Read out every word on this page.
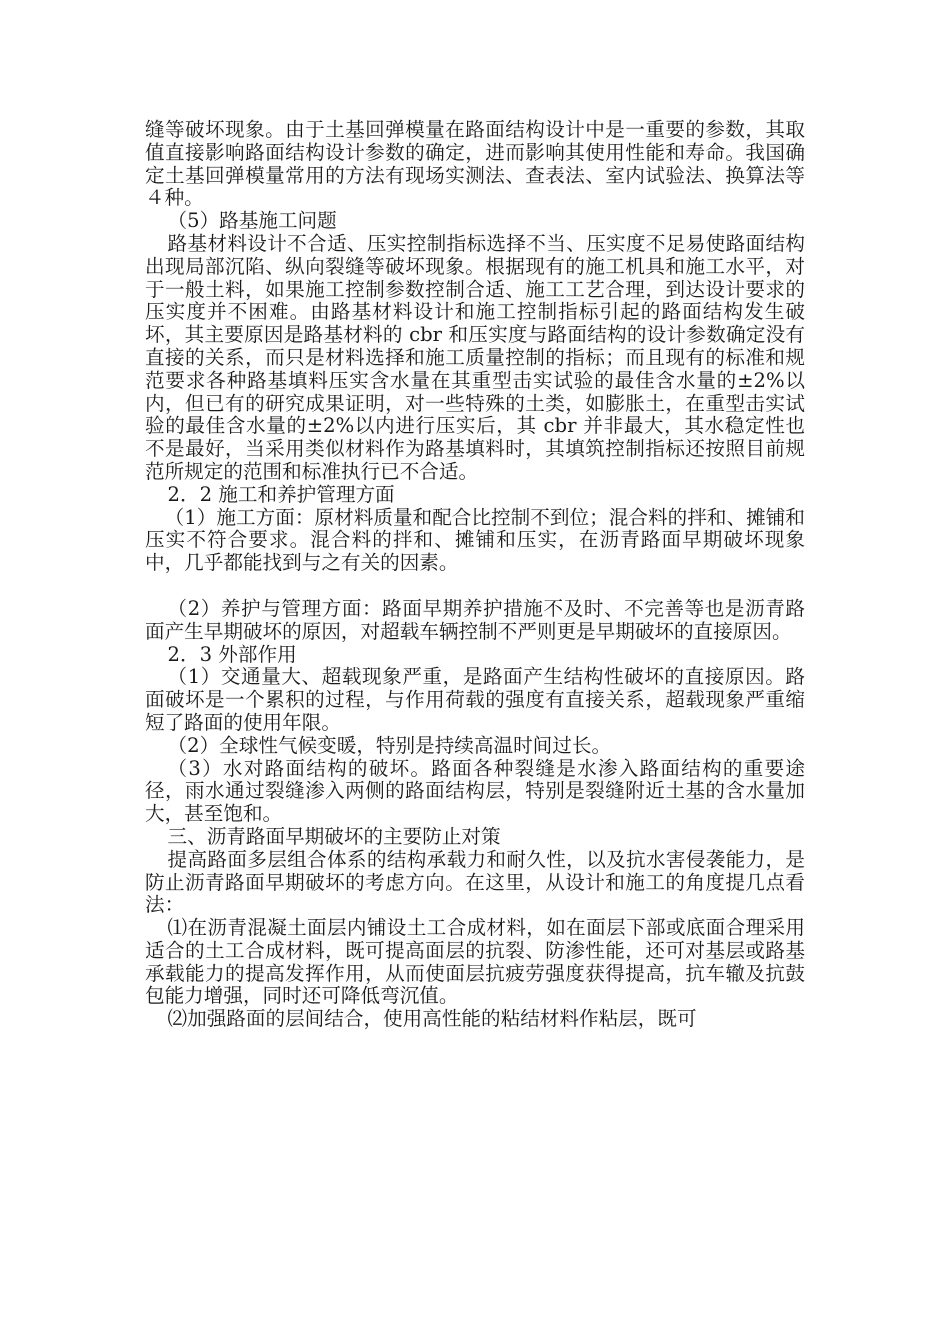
缝等破坏现象。由于土基回弹模量在路面结构设计中是一重要的参数，其取值直接影响路面结构设计参数的确定，进而影响其使用性能和寿命。我国确定土基回弹模量常用的方法有现场实测法、查表法、室内试验法、换算法等４种。

（5）路基施工问题

路基材料设计不合适、压实控制指标选择不当、压实度不足易使路面结构出现局部沉陷、纵向裂缝等破坏现象。根据现有的施工机具和施工水平，对于一般土料，如果施工控制参数控制合适、施工工艺合理，到达设计要求的压实度并不困难。由路基材料设计和施工控制指标引起的路面结构发生破坏，其主要原因是路基材料的 cbr 和压实度与路面结构的设计参数确定没有直接的关系，而只是材料选择和施工质量控制的指标；而且现有的标准和规范要求各种路基填料压实含水量在其重型击实试验的最佳含水量的±2%以内，但已有的研究成果证明，对一些特殊的土类，如膨胀土，在重型击实试验的最佳含水量的±2%以内进行压实后，其 cbr 并非最大，其水稳定性也不是最好，当采用类似材料作为路基填料时，其填筑控制指标还按照目前规范所规定的范围和标准执行已不合适。

2．2 施工和养护管理方面

（1）施工方面：原材料质量和配合比控制不到位；混合料的拌和、摊铺和压实不符合要求。混合料的拌和、摊铺和压实，在沥青路面早期破坏现象中，几乎都能找到与之有关的因素。

（2）养护与管理方面：路面早期养护措施不及时、不完善等也是沥青路面产生早期破坏的原因，对超载车辆控制不严则更是早期破坏的直接原因。

2．3 外部作用

（1）交通量大、超载现象严重，是路面产生结构性破坏的直接原因。路面破坏是一个累积的过程，与作用荷载的强度有直接关系，超载现象严重缩短了路面的使用年限。

（2）全球性气候变暖，特别是持续高温时间过长。

（3）水对路面结构的破坏。路面各种裂缝是水渗入路面结构的重要途径，雨水通过裂缝渗入两侧的路面结构层，特别是裂缝附近土基的含水量加大，甚至饱和。

三、沥青路面早期破坏的主要防止对策

提高路面多层组合体系的结构承载力和耐久性，以及抗水害侵袭能力，是防止沥青路面早期破坏的考虑方向。在这里，从设计和施工的角度提几点看法：

⑴在沥青混凝土面层内铺设土工合成材料，如在面层下部或底面合理采用适合的土工合成材料，既可提高面层的抗裂、防渗性能，还可对基层或路基承载能力的提高发挥作用，从而使面层抗疲劳强度获得提高，抗车辙及抗鼓包能力增强，同时还可降低弯沉值。

⑵加强路面的层间结合，使用高性能的粘结材料作粘层，既可
